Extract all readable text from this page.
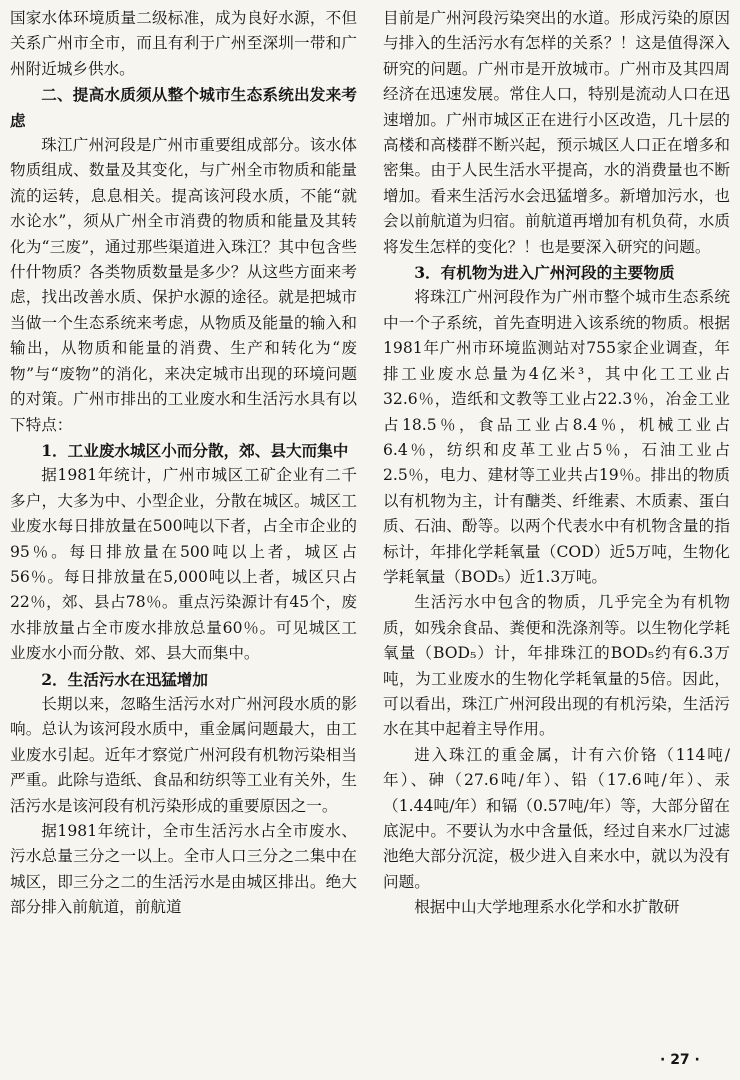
国家水体环境质量二级标准，成为良好水源，不但关系广州市全市，而且有利于广州至深圳一带和广州附近城乡供水。

二、提高水质须从整个城市生态系统出发来考虑

珠江广州河段是广州市重要组成部分。该水体物质组成、数量及其变化，与广州全市物质和能量流的运转，息息相关。提高该河段水质，不能“就水论水”，须从广州全市消费的物质和能量及其转化为“三废”，通过那些渠道进入珠江？其中包含些什什物质？各类物质数量是多少？从这些方面来考虑，找出改善水质、保护水源的途径。就是把城市当做一个生态系统来考虑，从物质及能量的输入和输出，从物质和能量的消费、生产和转化为“废物”与“废物”的消化，来决定城市出现的环境问题的对策。广州市排出的工业废水和生活污水具有以下特点：

1．工业废水城区小而分散，郊、县大而集中

据1981年统计，广州市城区工矿企业有二千多户，大多为中、小型企业，分散在城区。城区工业废水每日排放量在500吨以下者，占全市企业的95％。每日排放量在500吨以上者，城区占56％。每日排放量在5,000吨以上者，城区只占22％，郊、县占78％。重点污染源计有45个，废水排放量占全市废水排放总量60％。可见城区工业废水小而分散、郊、县大而集中。

2．生活污水在迅猛增加

长期以来，忽略生活污水对广州河段水质的影响。总认为该河段水质中，重金属问题最大，由工业废水引起。近年才察觉广州河段有机物污染相当严重。此除与造纸、食品和纺织等工业有关外，生活污水是该河段有机污染形成的重要原因之一。

据1981年统计，全市生活污水占全市废水、污水总量三分之一以上。全市人口三分之二集中在城区，即三分之二的生活污水是由城区排出。绝大部分排入前航道，前航道

目前是广州河段污染突出的水道。形成污染的原因与排入的生活污水有怎样的关系？！这是值得深入研究的问题。广州市是开放城市。广州市及其四周经济在迅速发展。常住人口，特别是流动人口在迅速增加。广州市城区正在进行小区改造，几十层的高楼和高楼群不断兴起，预示城区人口正在增多和密集。由于人民生活水平提高，水的消费量也不断增加。看来生活污水会迅猛增多。新增加污水，也会以前航道为归宿。前航道再增加有机负荷，水质将发生怎样的变化？！也是要深入研究的问题。

3．有机物为进入广州河段的主要物质

将珠江广州河段作为广州市整个城市生态系统中一个子系统，首先查明进入该系统的物质。根据1981年广州市环境监测站对755家企业调查，年排工业废水总量为4亿米³，其中化工工业占32.6％，造纸和文教等工业占22.3％，冶金工业占18.5％，食品工业占8.4％，机械工业占6.4％，纺织和皮革工业占5％，石油工业占2.5％，电力、建材等工业共占19％。排出的物质以有机物为主，计有醣类、纤维素、木质素、蛋白质、石油、酚等。以两个代表水中有机物含量的指标计，年排化学耗氧量（COD）近5万吨，生物化学耗氧量（BOD₅）近1.3万吨。

生活污水中包含的物质，几乎完全为有机物质，如残余食品、粪便和洗涤剂等。以生物化学耗氧量（BOD₅）计，年排珠江的BOD₅约有6.3万吨，为工业废水的生物化学耗氧量的5倍。因此，可以看出，珠江广州河段出现的有机污染，生活污水在其中起着主导作用。

进入珠江的重金属，计有六价铬（114吨/年）、砷（27.6吨/年）、铅（17.6吨/年）、汞（1.44吨/年）和镉（0.57吨/年）等，大部分留在底泥中。不要认为水中含量低，经过自来水厂过滤池绝大部分沉淀，极少进入自来水中，就以为没有问题。

根据中山大学地理系水化学和水扩散研

· 27 ·
